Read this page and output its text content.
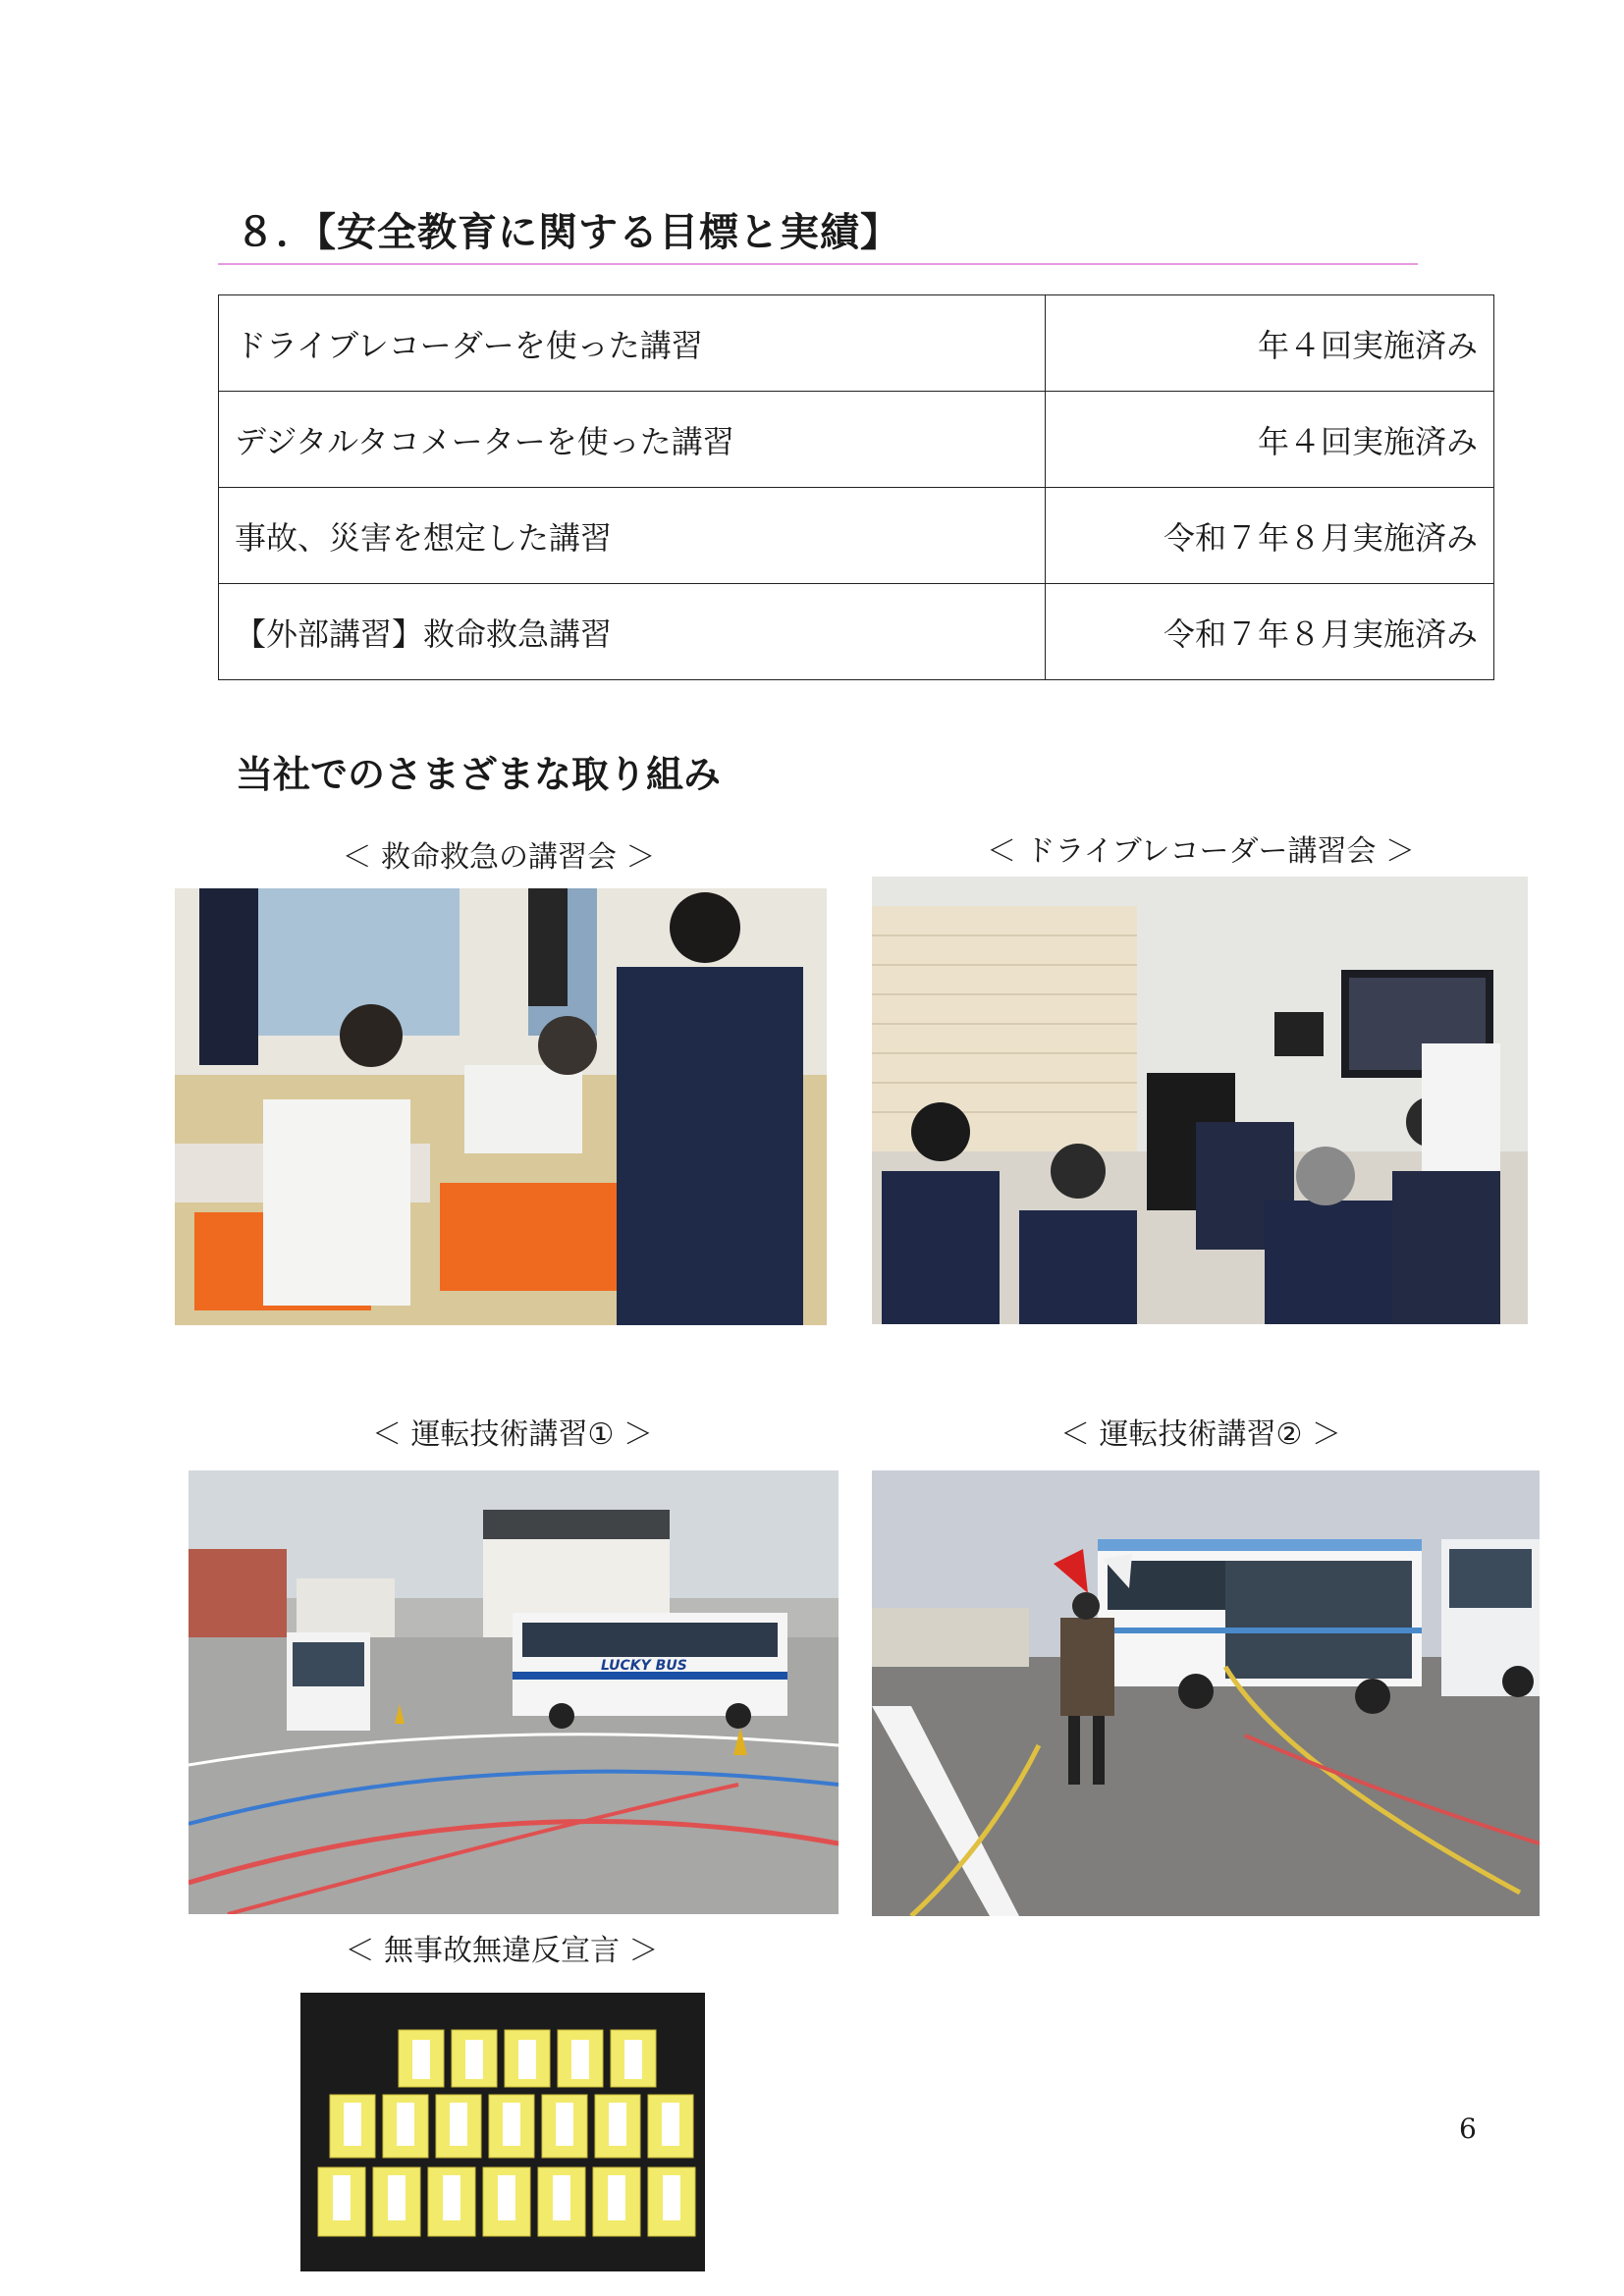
８．【安全教育に関する目標と実績】
ドライブレコーダーを使った講習	年４回実施済み
デジタルタコメーターを使った講習	年４回実施済み
事故、災害を想定した講習	令和７年８月実施済み
【外部講習】救命救急講習	令和７年８月実施済み
当社でのさまざまな取り組み
＜ 救命救急の講習会 ＞	＜ ドライブレコーダー講習会 ＞
＜ 運転技術講習① ＞
LUCKY BUS
＜ 運転技術講習② ＞
＜ 無事故無違反宣言 ＞
6
